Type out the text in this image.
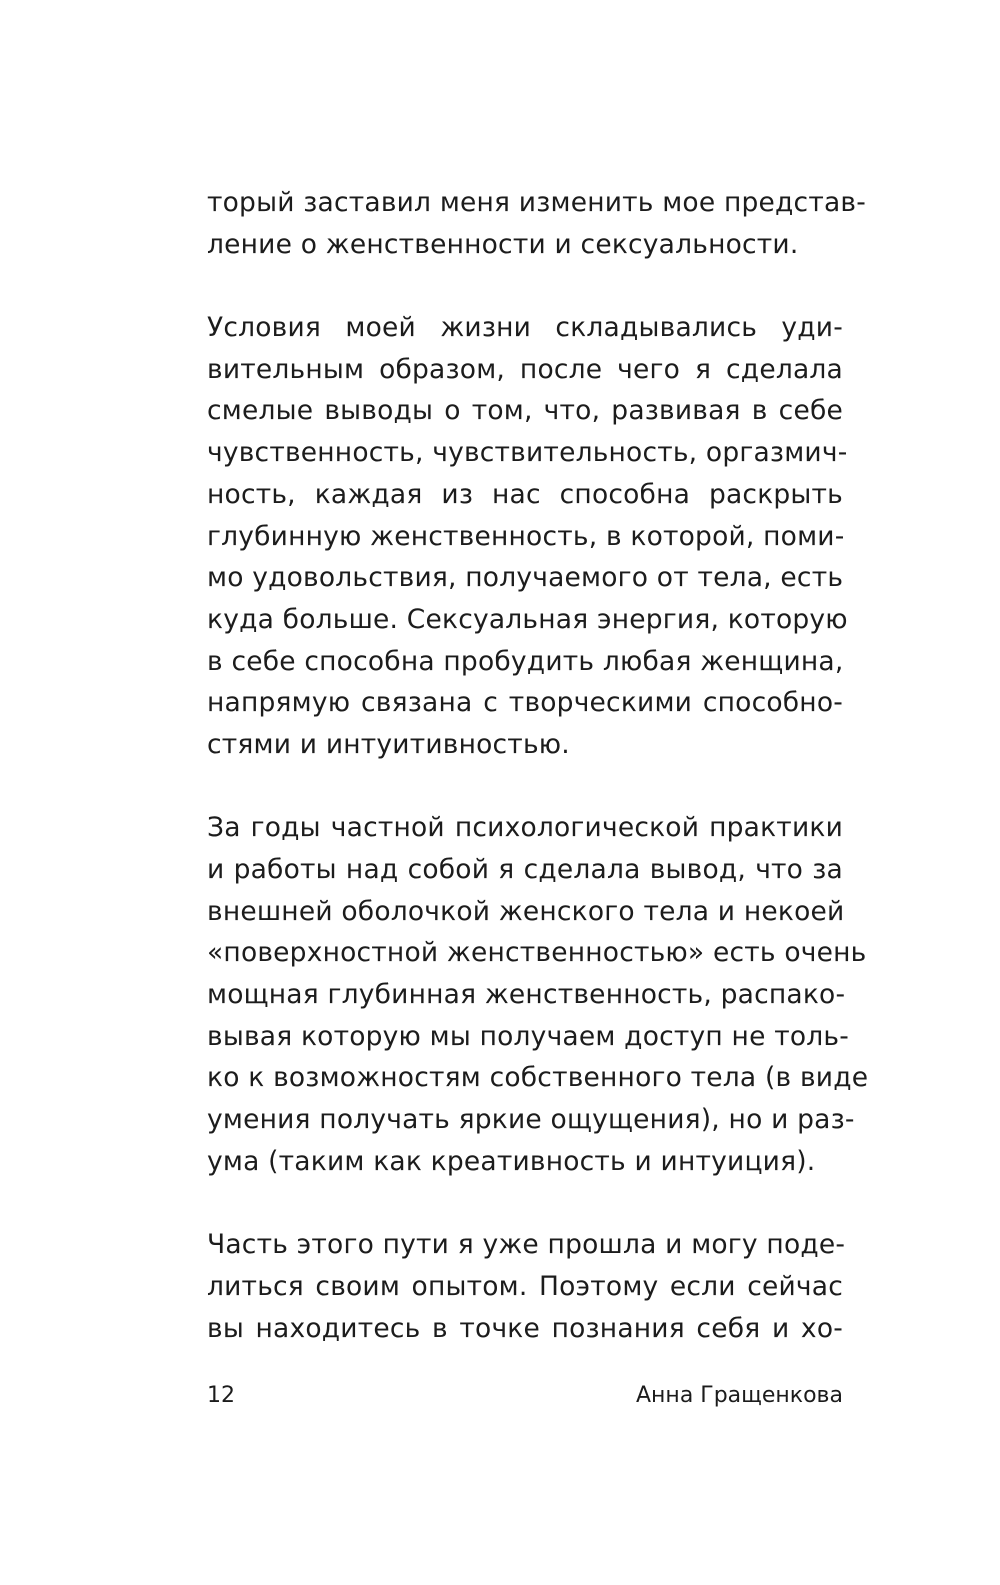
торый заставил меня изменить мое представ-
ление о женственности и сексуальности.
Условия моей жизни складывались уди-
вительным образом, после чего я сделала
смелые выводы о том, что, развивая в себе
чувственность, чувствительность, оргазмич-
ность, каждая из нас способна раскрыть
глубинную женственность, в которой, поми-
мо удовольствия, получаемого от тела, есть
куда больше. Сексуальная энергия, которую
в себе способна пробудить любая женщина,
напрямую связана с творческими способно-
стями и интуитивностью.
За годы частной психологической практики
и работы над собой я сделала вывод, что за
внешней оболочкой женского тела и некоей
«поверхностной женственностью» есть очень
мощная глубинная женственность, распако-
вывая которую мы получаем доступ не толь-
ко к возможностям собственного тела (в виде
умения получать яркие ощущения), но и раз-
ума (таким как креативность и интуиция).
Часть этого пути я уже прошла и могу поде-
литься своим опытом. Поэтому если сейчас
вы находитесь в точке познания себя и хо-
12	Анна Гращенкова
